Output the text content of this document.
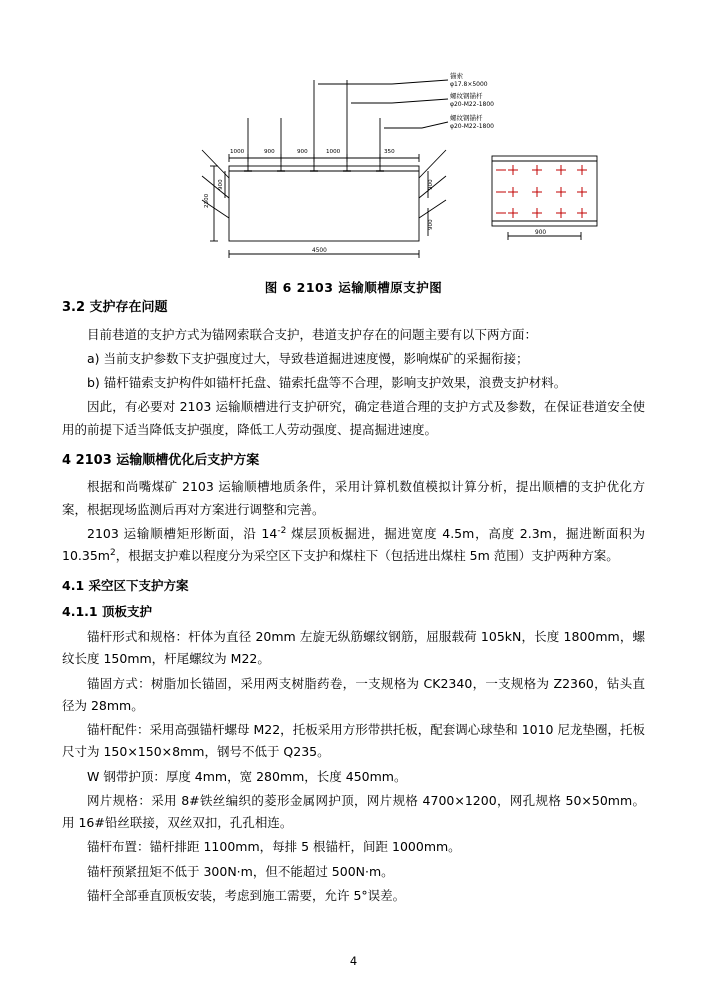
锚索
φ17.8×5000
螺纹钢锚杆
φ20-M22-1800
螺纹钢锚杆
φ20-M22-1800
1000	900	900	1000	350
2300
900	900
900
4500
900
图 6 2103 运输顺槽原支护图
3.2 支护存在问题

目前巷道的支护方式为锚网索联合支护，巷道支护存在的问题主要有以下两方面：

a) 当前支护参数下支护强度过大，导致巷道掘进速度慢，影响煤矿的采掘衔接；

b) 锚杆锚索支护构件如锚杆托盘、锚索托盘等不合理，影响支护效果，浪费支护材料。

因此，有必要对 2103 运输顺槽进行支护研究，确定巷道合理的支护方式及参数，在保证巷道安全使用的前提下适当降低支护强度，降低工人劳动强度、提高掘进速度。

4 2103 运输顺槽优化后支护方案

根据和尚嘴煤矿 2103 运输顺槽地质条件，采用计算机数值模拟计算分析，提出顺槽的支护优化方案，根据现场监测后再对方案进行调整和完善。

2103 运输顺槽矩形断面，沿 $14^{-2}$ 煤层顶板掘进，掘进宽度 4.5m，高度 2.3m，掘进断面积为 $10.35m^2$，根据支护难以程度分为采空区下支护和煤柱下（包括进出煤柱 5m 范围）支护两种方案。

4.1 采空区下支护方案
4.1.1 顶板支护

锚杆形式和规格：杆体为直径 20mm 左旋无纵筋螺纹钢筋，屈服载荷 105kN，长度 1800mm，螺纹长度 150mm，杆尾螺纹为 M22。

锚固方式：树脂加长锚固，采用两支树脂药卷，一支规格为 CK2340，一支规格为 Z2360，钻头直径为 28mm。

锚杆配件：采用高强锚杆螺母 M22，托板采用方形带拱托板，配套调心球垫和 1010 尼龙垫圈，托板尺寸为 150×150×8mm，钢号不低于 Q235。

W 钢带护顶：厚度 4mm，宽 280mm，长度 450mm。

网片规格：采用 8#铁丝编织的菱形金属网护顶，网片规格 4700×1200，网孔规格 50×50mm。用 16#铅丝联接，双丝双扣，孔孔相连。

锚杆布置：锚杆排距 1100mm，每排 5 根锚杆，间距 1000mm。

锚杆预紧扭矩不低于 300N·m，但不能超过 500N·m。

锚杆全部垂直顶板安装，考虑到施工需要，允许 5°误差。

4
